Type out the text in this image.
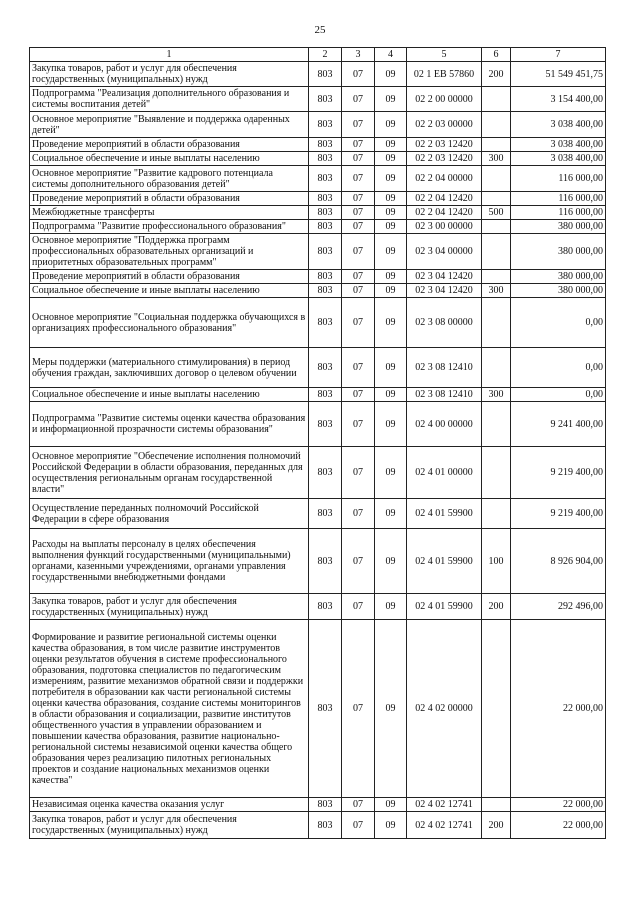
25
1	2	3	4	5	6	7
Закупка товаров, работ и услуг для обеспечения государственных (муниципальных) нужд	803	07	09	02 1 EВ 57860	200	51 549 451,75
Подпрограмма "Реализация дополнительного образования и системы воспитания детей"	803	07	09	02 2 00 00000		3 154 400,00
Основное мероприятие "Выявление и поддержка одаренных детей"	803	07	09	02 2 03 00000		3 038 400,00
Проведение мероприятий в области образования	803	07	09	02 2 03 12420		3 038 400,00
Социальное обеспечение и иные выплаты населению	803	07	09	02 2 03 12420	300	3 038 400,00
Основное мероприятие "Развитие кадрового потенциала системы дополнительного образования детей"	803	07	09	02 2 04 00000		116 000,00
Проведение мероприятий в области образования	803	07	09	02 2 04 12420		116 000,00
Межбюджетные трансферты	803	07	09	02 2 04 12420	500	116 000,00
Подпрограмма "Развитие профессионального образования"	803	07	09	02 3 00 00000		380 000,00
Основное мероприятие "Поддержка программ профессиональных образовательных организаций и приоритетных образовательных программ"	803	07	09	02 3 04 00000		380 000,00
Проведение мероприятий в области образования	803	07	09	02 3 04 12420		380 000,00
Социальное обеспечение и иные выплаты населению	803	07	09	02 3 04 12420	300	380 000,00
Основное мероприятие "Социальная поддержка обучающихся в организациях профессионального образования"	803	07	09	02 3 08 00000		0,00
Меры поддержки (материального стимулирования) в период обучения граждан, заключивших договор о целевом обучении	803	07	09	02 3 08 12410		0,00
Социальное обеспечение и иные выплаты населению	803	07	09	02 3 08 12410	300	0,00
Подпрограмма "Развитие системы оценки качества образования и информационной прозрачности системы образования"	803	07	09	02 4 00 00000		9 241 400,00
Основное мероприятие "Обеспечение исполнения полномочий Российской Федерации в области образования, переданных для осуществления региональным органам государственной власти"	803	07	09	02 4 01 00000		9 219 400,00
Осуществление переданных полномочий Российской Федерации в сфере образования	803	07	09	02 4 01 59900		9 219 400,00
Расходы на выплаты персоналу в целях обеспечения выполнения функций государственными (муниципальными) органами, казенными учреждениями, органами управления государственными внебюджетными фондами	803	07	09	02 4 01 59900	100	8 926 904,00
Закупка товаров, работ и услуг для обеспечения государственных (муниципальных) нужд	803	07	09	02 4 01 59900	200	292 496,00
Формирование и развитие региональной системы оценки качества образования, в том числе развитие инструментов оценки результатов обучения в системе профессионального образования, подготовка специалистов по педагогическим измерениям, развитие механизмов обратной связи и поддержки потребителя в образовании как части региональной системы оценки качества образования, создание системы мониторингов в области образования и социализации, развитие институтов общественного участия в управлении образованием и повышении качества образования, развитие национально-региональной системы независимой оценки качества общего образования через реализацию пилотных региональных проектов и создание национальных механизмов оценки качества"	803	07	09	02 4 02 00000		22 000,00
Независимая оценка качества оказания услуг	803	07	09	02 4 02 12741		22 000,00
Закупка товаров, работ и услуг для обеспечения государственных (муниципальных) нужд	803	07	09	02 4 02 12741	200	22 000,00
